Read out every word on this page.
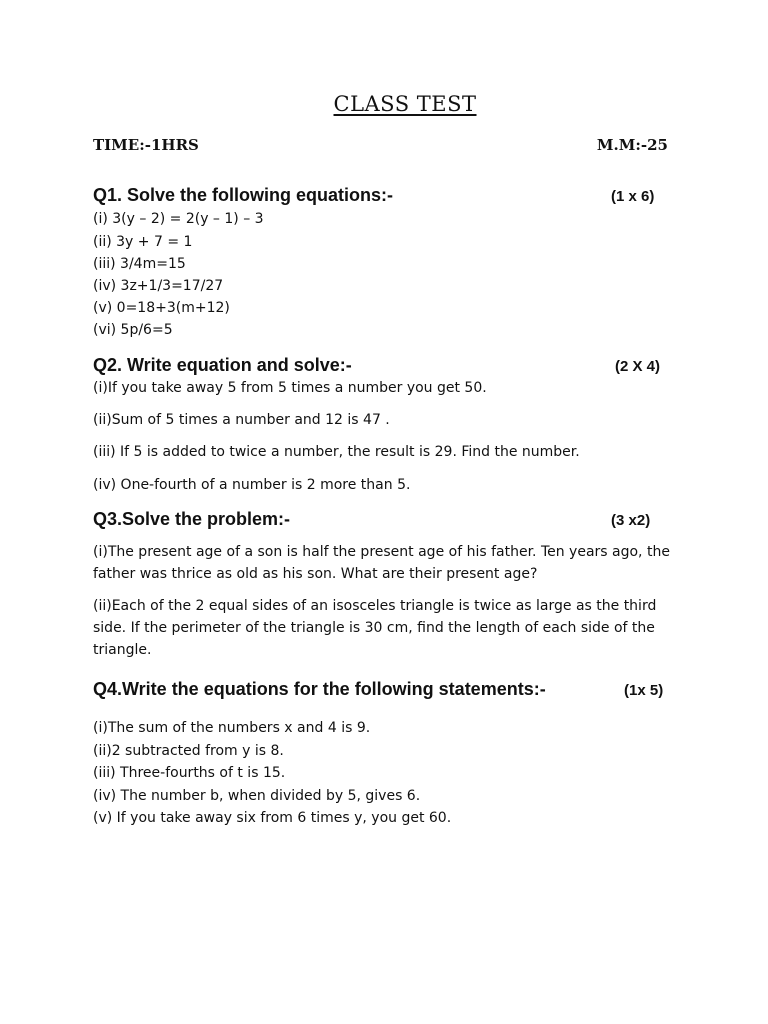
CLASS TEST
TIME:-1HRS	M.M:-25
Q1. Solve the following equations:-	(1 x 6)
(i) 3(y – 2) = 2(y – 1) – 3
(ii) 3y + 7 = 1
(iii) 3/4m=15
(iv) 3z+1/3=17/27
(v) 0=18+3(m+12)
(vi) 5p/6=5
Q2. Write equation and solve:-	(2 X 4)
(i)If you take away 5 from 5 times a number you get 50.
(ii)Sum of 5 times a number and 12 is 47 .
(iii) If 5 is added to twice a number, the result is 29. Find the number.
(iv) One-fourth of a number is 2 more than 5.
Q3.Solve the problem:-	(3 x2)
(i)The present age of a son is half the present age of his father. Ten years ago, the father was thrice as old as his son. What are their present age?
(ii)Each of the 2 equal sides of an isosceles triangle is twice as large as the third side. If the perimeter of the triangle is 30 cm, find the length of each side of the triangle.
Q4.Write the equations for the following statements:-	(1x 5)
(i)The sum of the numbers x and 4 is 9.
(ii)2 subtracted from y is 8.
(iii) Three-fourths of t is 15.
(iv) The number b, when divided by 5, gives 6.
(v) If you take away six from 6 times y, you get 60.
